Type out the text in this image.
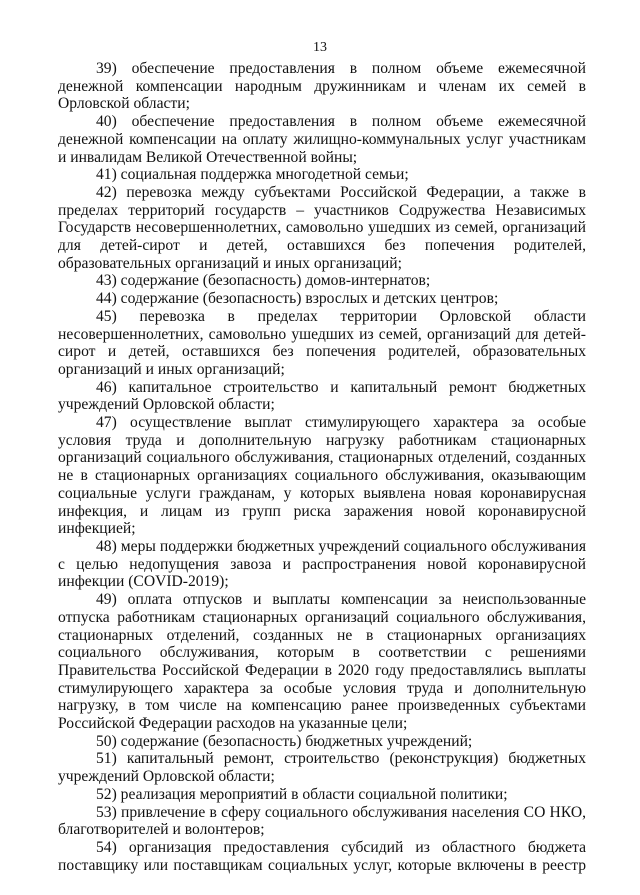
13

39) обеспечение предоставления в полном объеме ежемесячной денежной компенсации народным дружинникам и членам их семей в Орловской области;

40) обеспечение предоставления в полном объеме ежемесячной денежной компенсации на оплату жилищно-коммунальных услуг участникам и инвалидам Великой Отечественной войны;

41) социальная поддержка многодетной семьи;

42) перевозка между субъектами Российской Федерации, а также в пределах территорий государств – участников Содружества Независимых Государств несовершеннолетних, самовольно ушедших из семей, организаций для детей-сирот и детей, оставшихся без попечения родителей, образовательных организаций и иных организаций;

43) содержание (безопасность) домов-интернатов;

44) содержание (безопасность) взрослых и детских центров;

45) перевозка в пределах территории Орловской области несовершеннолетних, самовольно ушедших из семей, организаций для детей-сирот и детей, оставшихся без попечения родителей, образовательных организаций и иных организаций;

46) капитальное строительство и капитальный ремонт бюджетных учреждений Орловской области;

47) осуществление выплат стимулирующего характера за особые условия труда и дополнительную нагрузку работникам стационарных организаций социального обслуживания, стационарных отделений, созданных не в стационарных организациях социального обслуживания, оказывающим социальные услуги гражданам, у которых выявлена новая коронавирусная инфекция, и лицам из групп риска заражения новой коронавирусной инфекцией;

48) меры поддержки бюджетных учреждений социального обслуживания с целью недопущения завоза и распространения новой коронавирусной инфекции (COVID-2019);

49) оплата отпусков и выплаты компенсации за неиспользованные отпуска работникам стационарных организаций социального обслуживания, стационарных отделений, созданных не в стационарных организациях социального обслуживания, которым в соответствии с решениями Правительства Российской Федерации в 2020 году предоставлялись выплаты стимулирующего характера за особые условия труда и дополнительную нагрузку, в том числе на компенсацию ранее произведенных субъектами Российской Федерации расходов на указанные цели;

50) содержание (безопасность) бюджетных учреждений;

51) капитальный ремонт, строительство (реконструкция) бюджетных учреждений Орловской области;

52) реализация мероприятий в области социальной политики;

53) привлечение в сферу социального обслуживания населения СО НКО, благотворителей и волонтеров;

54) организация предоставления субсидий из областного бюджета поставщику или поставщикам социальных услуг, которые включены в реестр
